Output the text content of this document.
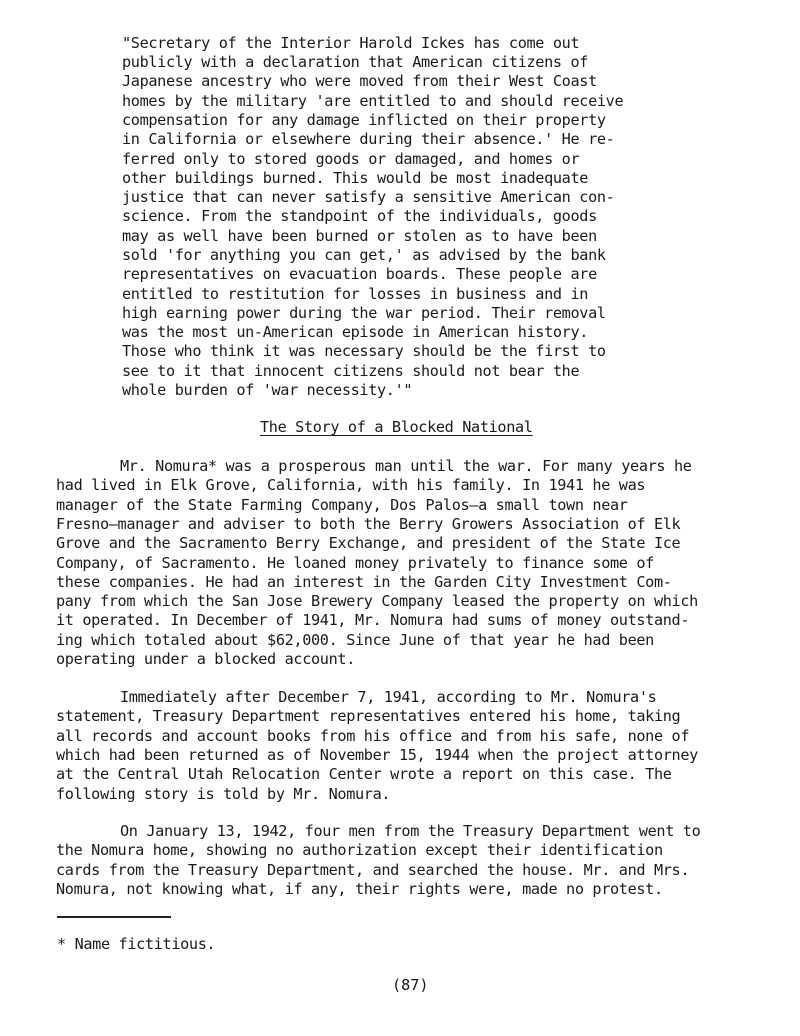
"Secretary of the Interior Harold Ickes has come out
publicly with a declaration that American citizens of
Japanese ancestry who were moved from their West Coast
homes by the military 'are entitled to and should receive
compensation for any damage inflicted on their property
in California or elsewhere during their absence.' He re-
ferred only to stored goods or damaged, and homes or
other buildings burned. This would be most inadequate
justice that can never satisfy a sensitive American con-
science. From the standpoint of the individuals, goods
may as well have been burned or stolen as to have been
sold 'for anything you can get,' as advised by the bank
representatives on evacuation boards. These people are
entitled to restitution for losses in business and in
high earning power during the war period. Their removal
was the most un-American episode in American history.
Those who think it was necessary should be the first to
see to it that innocent citizens should not bear the
whole burden of 'war necessity.'"
The Story of a Blocked National
Mr. Nomura* was a prosperous man until the war. For many years he
had lived in Elk Grove, California, with his family. In 1941 he was
manager of the State Farming Company, Dos Palos—a small town near
Fresno—manager and adviser to both the Berry Growers Association of Elk
Grove and the Sacramento Berry Exchange, and president of the State Ice
Company, of Sacramento. He loaned money privately to finance some of
these companies. He had an interest in the Garden City Investment Com-
pany from which the San Jose Brewery Company leased the property on which
it operated. In December of 1941, Mr. Nomura had sums of money outstand-
ing which totaled about $62,000. Since June of that year he had been
operating under a blocked account.
Immediately after December 7, 1941, according to Mr. Nomura's
statement, Treasury Department representatives entered his home, taking
all records and account books from his office and from his safe, none of
which had been returned as of November 15, 1944 when the project attorney
at the Central Utah Relocation Center wrote a report on this case. The
following story is told by Mr. Nomura.
On January 13, 1942, four men from the Treasury Department went to
the Nomura home, showing no authorization except their identification
cards from the Treasury Department, and searched the house. Mr. and Mrs.
Nomura, not knowing what, if any, their rights were, made no protest.
* Name fictitious.
(87)
